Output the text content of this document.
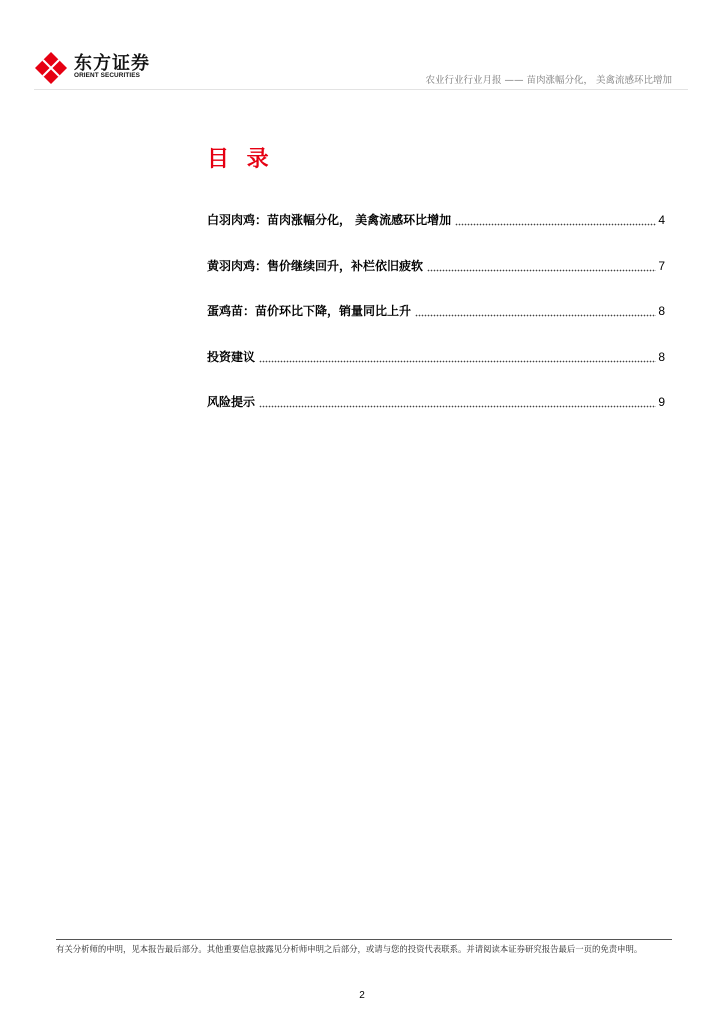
东方证券
ORIENT SECURITIES	农业行业行业月报 —— 苗肉涨幅分化， 美禽流感环比增加
目 录
白羽肉鸡：苗肉涨幅分化， 美禽流感环比增加	4
黄羽肉鸡：售价继续回升，补栏依旧疲软	7
蛋鸡苗：苗价环比下降，销量同比上升	8
投资建议	8
风险提示	9
有关分析师的申明，见本报告最后部分。其他重要信息披露见分析师申明之后部分，或请与您的投资代表联系。并请阅读本证券研究报告最后一页的免责申明。
2
